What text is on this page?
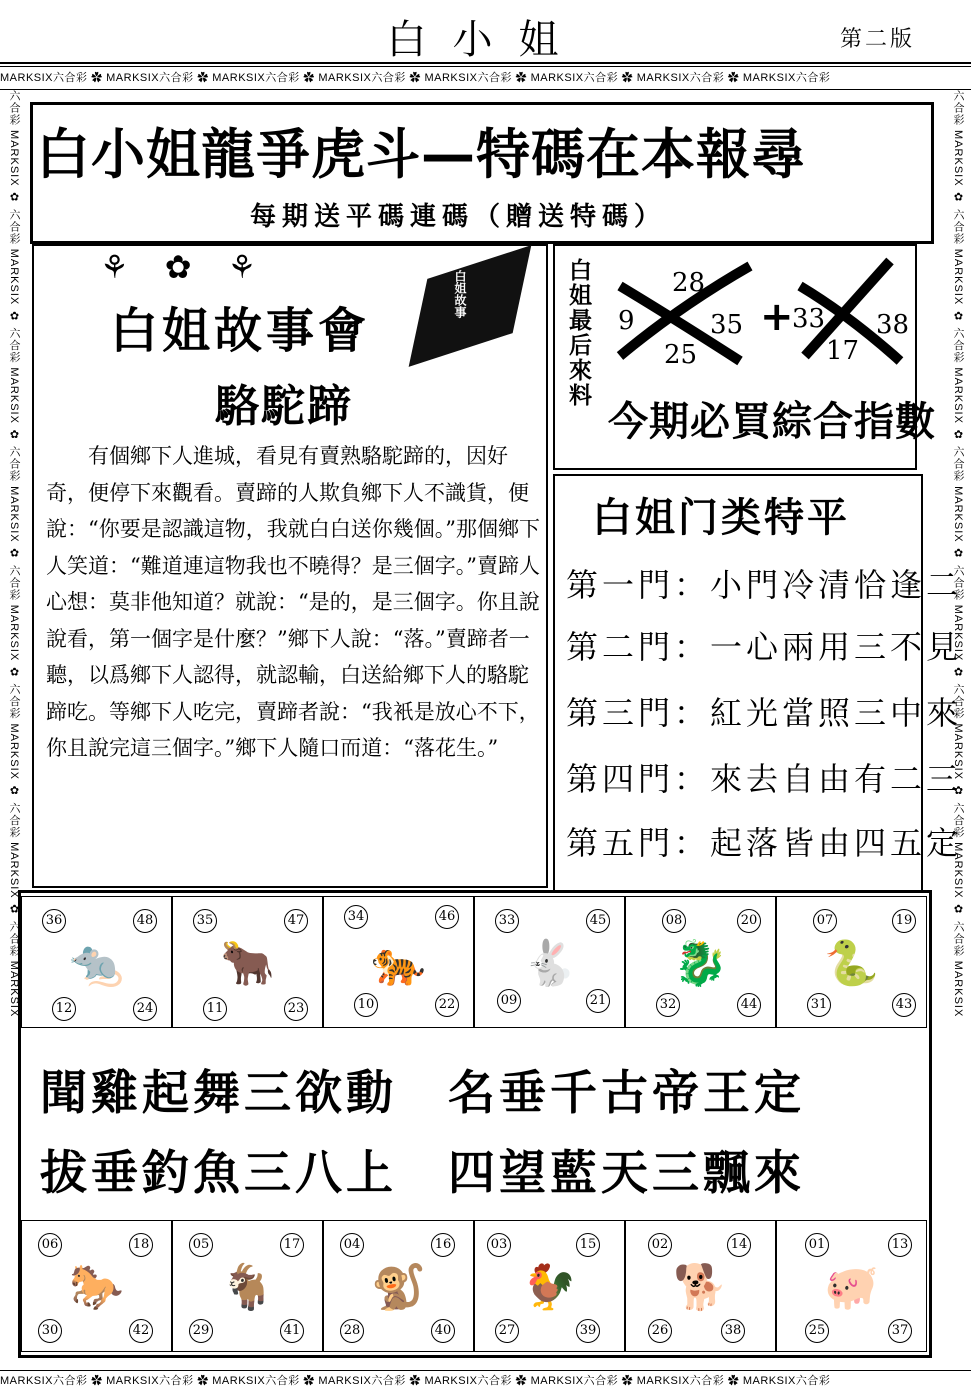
白小姐	第二版
MARKSIX六合彩 ✿ MARKSIX六合彩 ✿ MARKSIX六合彩 ✿ MARKSIX六合彩 ✿ MARKSIX六合彩 ✿ MARKSIX六合彩 ✿ MARKSIX六合彩 ✿ MARKSIX六合彩
MARKSIX六合彩 ✿ MARKSIX六合彩 ✿ MARKSIX六合彩 ✿ MARKSIX六合彩 ✿ MARKSIX六合彩 ✿ MARKSIX六合彩 ✿ MARKSIX六合彩 ✿ MARKSIX六合彩
六合彩 MARKSIX ✿ 六合彩 MARKSIX ✿ 六合彩 MARKSIX ✿ 六合彩 MARKSIX ✿ 六合彩 MARKSIX ✿ 六合彩 MARKSIX ✿ 六合彩 MARKSIX ✿ 六合彩 MARKSIX	六合彩 MARKSIX ✿ 六合彩 MARKSIX ✿ 六合彩 MARKSIX ✿ 六合彩 MARKSIX ✿ 六合彩 MARKSIX ✿ 六合彩 MARKSIX ✿ 六合彩 MARKSIX ✿ 六合彩 MARKSIX
白小姐龍爭虎斗—特碼在本報尋
每期送平碼連碼（贈送特碼）
⚘✿⚘
白姐故事
白姐故事會
駱駝蹄
有個鄉下人進城，看見有賣熟駱駝蹄的，因好奇，便停下來觀看。賣蹄的人欺負鄉下人不識貨，便說：“你要是認識這物，我就白白送你幾個。”那個鄉下人笑道：“難道連這物我也不曉得？是三個字。”賣蹄人心想：莫非他知道？就說：“是的，是三個字。你且說說看，第一個字是什麼？”鄉下人說：“落。”賣蹄者一聽，以爲鄉下人認得，就認輸，白送給鄉下人的駱駝蹄吃。等鄉下人吃完，賣蹄者說：“我衹是放心不下，你且說完這三個字。”鄉下人隨口而道：“落花生。”
白姐最后來料 9
28
25
35 33
17
38
+
今期必買綜合指數
白姐门类特平
第一門：小門冷清恰逢二
第二門：一心兩用三不見
第三門：紅光當照三中來
第四門：來去自由有二三
第五門：起落皆由四五定
36	48
🐀
12	24
35	47
🐂
11	23
34	46
🐅
10	22
33	45
🐇
09	21
08	20
🐉
32	44
07	19
🐍
31	43
聞雞起舞三欲動　名垂千古帝王定
拔垂釣魚三八上　四望藍天三飄來
06	18
🐎
30	42
05	17
🐐
29	41
04	16
🐒
28	40
03	15
🐓
27	39
02	14
🐕
26	38
01	13
🐖
25	37
